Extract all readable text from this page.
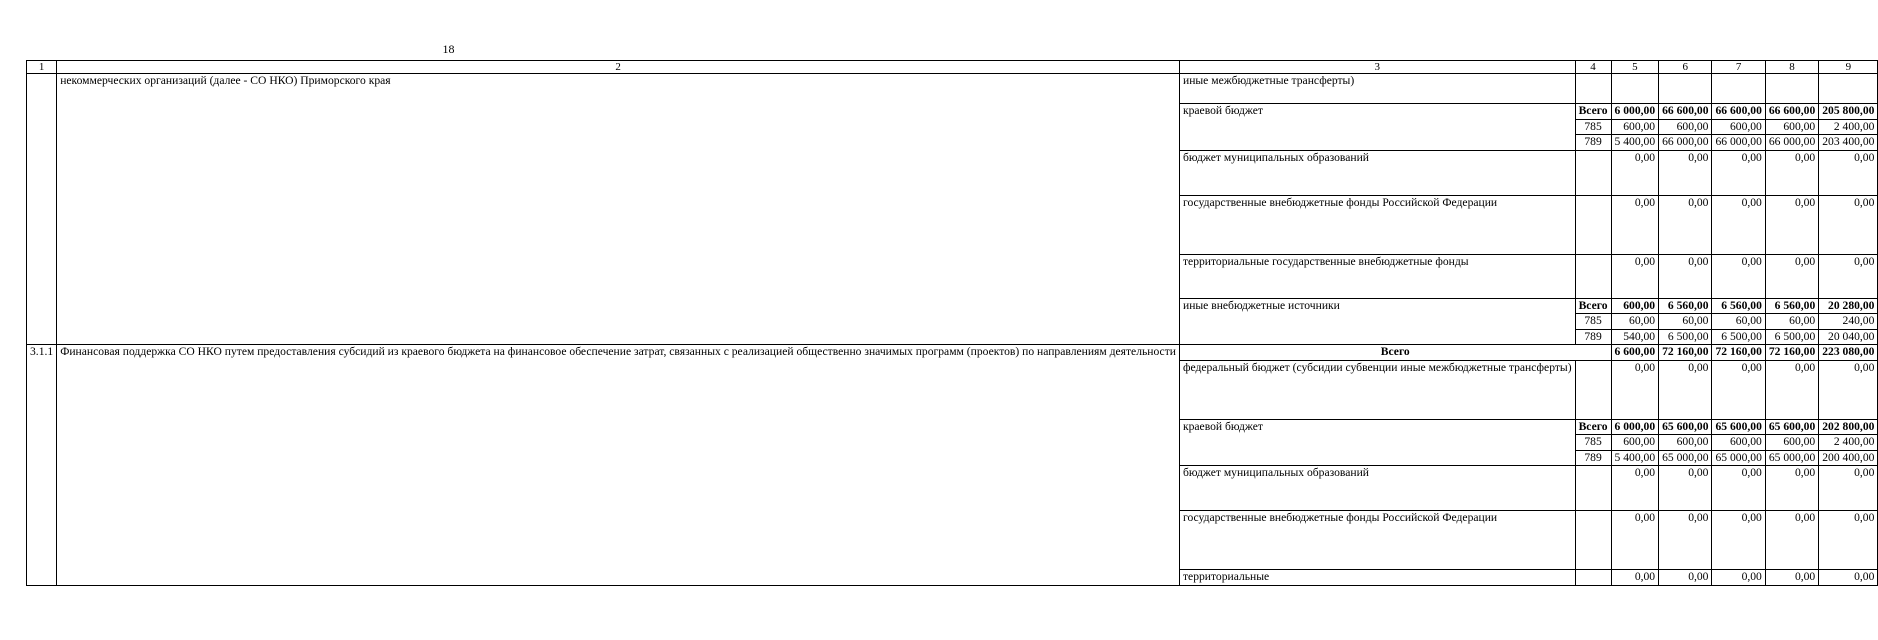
18
1	2	3	4	5	6	7	8	9
	некоммерческих организаций (далее - СО НКО) Приморского края	иные межбюджетные трансферты)						
		краевой бюджет	Всего	6 000,00	66 600,00	66 600,00	66 600,00	205 800,00
			785	600,00	600,00	600,00	600,00	2 400,00
			789	5 400,00	66 000,00	66 000,00	66 000,00	203 400,00
		бюджет муниципальных образований		0,00	0,00	0,00	0,00	0,00
		государственные внебюджетные фонды Российской Федерации		0,00	0,00	0,00	0,00	0,00
		территориальные государственные внебюджетные фонды		0,00	0,00	0,00	0,00	0,00
		иные внебюджетные источники	Всего	600,00	6 560,00	6 560,00	6 560,00	20 280,00
			785	60,00	60,00	60,00	60,00	240,00
			789	540,00	6 500,00	6 500,00	6 500,00	20 040,00
3.1.1	Финансовая поддержка СО НКО путем предоставления субсидий из краевого бюджета на финансовое обеспечение затрат, связанных с реализацией общественно значимых программ (проектов) по направлениям деятельности	Всего		6 600,00	72 160,00	72 160,00	72 160,00	223 080,00
		федеральный бюджет (субсидии субвенции иные межбюджетные трансферты)		0,00	0,00	0,00	0,00	0,00
		краевой бюджет	Всего	6 000,00	65 600,00	65 600,00	65 600,00	202 800,00
			785	600,00	600,00	600,00	600,00	2 400,00
			789	5 400,00	65 000,00	65 000,00	65 000,00	200 400,00
		бюджет муниципальных образований		0,00	0,00	0,00	0,00	0,00
		государственные внебюджетные фонды Российской Федерации		0,00	0,00	0,00	0,00	0,00
		территориальные		0,00	0,00	0,00	0,00	0,00
